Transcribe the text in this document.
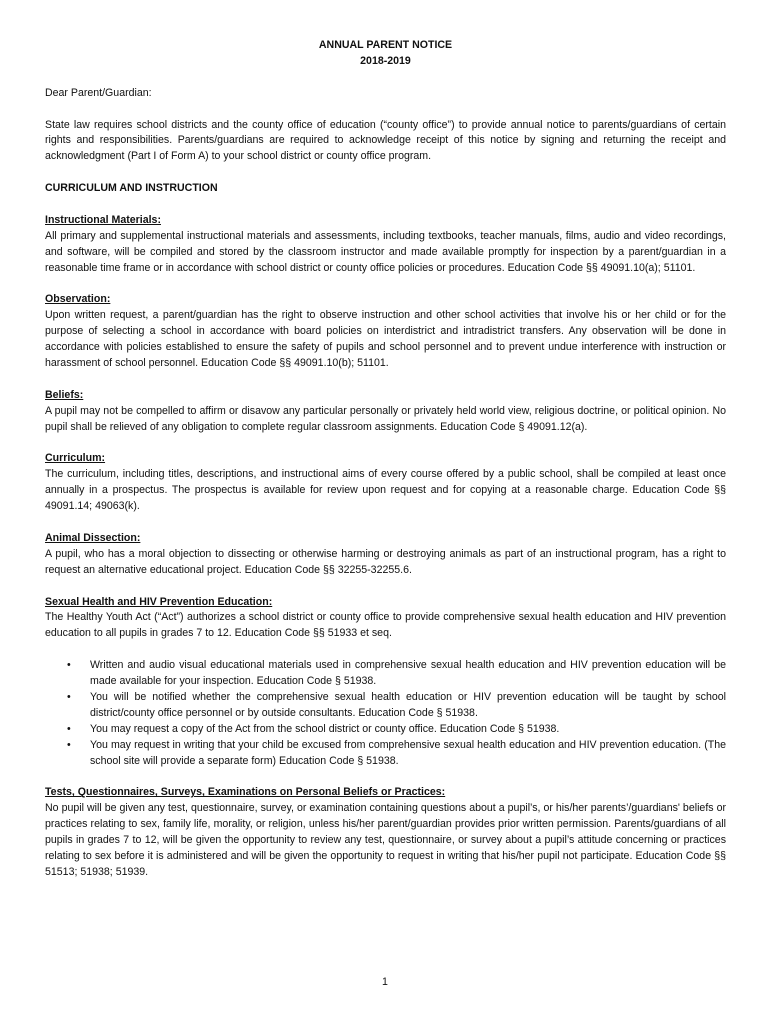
ANNUAL PARENT NOTICE

2018-2019

Dear Parent/Guardian:

State law requires school districts and the county office of education (“county office”) to provide annual notice to parents/guardians of certain rights and responsibilities. Parents/guardians are required to acknowledge receipt of this notice by signing and returning the receipt and acknowledgment (Part I of Form A) to your school district or county office program.

CURRICULUM AND INSTRUCTION

Instructional Materials:

All primary and supplemental instructional materials and assessments, including textbooks, teacher manuals, films, audio and video recordings, and software, will be compiled and stored by the classroom instructor and made available promptly for inspection by a parent/guardian in a reasonable time frame or in accordance with school district or county office policies or procedures. Education Code §§ 49091.10(a); 51101.

Observation:

Upon written request, a parent/guardian has the right to observe instruction and other school activities that involve his or her child or for the purpose of selecting a school in accordance with board policies on interdistrict and intradistrict transfers. Any observation will be done in accordance with policies established to ensure the safety of pupils and school personnel and to prevent undue interference with instruction or harassment of school personnel. Education Code §§ 49091.10(b); 51101.

Beliefs:

A pupil may not be compelled to affirm or disavow any particular personally or privately held world view, religious doctrine, or political opinion. No pupil shall be relieved of any obligation to complete regular classroom assignments. Education Code § 49091.12(a).

Curriculum:

The curriculum, including titles, descriptions, and instructional aims of every course offered by a public school, shall be compiled at least once annually in a prospectus. The prospectus is available for review upon request and for copying at a reasonable charge. Education Code §§ 49091.14; 49063(k).

Animal Dissection:

A pupil, who has a moral objection to dissecting or otherwise harming or destroying animals as part of an instructional program, has a right to request an alternative educational project. Education Code §§ 32255-32255.6.

Sexual Health and HIV Prevention Education:

The Healthy Youth Act (“Act”) authorizes a school district or county office to provide comprehensive sexual health education and HIV prevention education to all pupils in grades 7 to 12. Education Code §§ 51933 et seq.

• Written and audio visual educational materials used in comprehensive sexual health education and HIV prevention education will be made available for your inspection. Education Code § 51938.
• You will be notified whether the comprehensive sexual health education or HIV prevention education will be taught by school district/county office personnel or by outside consultants. Education Code § 51938.
• You may request a copy of the Act from the school district or county office. Education Code § 51938.
• You may request in writing that your child be excused from comprehensive sexual health education and HIV prevention education. (The school site will provide a separate form) Education Code § 51938.

Tests, Questionnaires, Surveys, Examinations on Personal Beliefs or Practices:

No pupil will be given any test, questionnaire, survey, or examination containing questions about a pupil’s, or his/her parents’/guardians' beliefs or practices relating to sex, family life, morality, or religion, unless his/her parent/guardian provides prior written permission. Parents/guardians of all pupils in grades 7 to 12, will be given the opportunity to review any test, questionnaire, or survey about a pupil’s attitude concerning or practices relating to sex before it is administered and will be given the opportunity to request in writing that his/her pupil not participate. Education Code §§ 51513; 51938; 51939.

1
